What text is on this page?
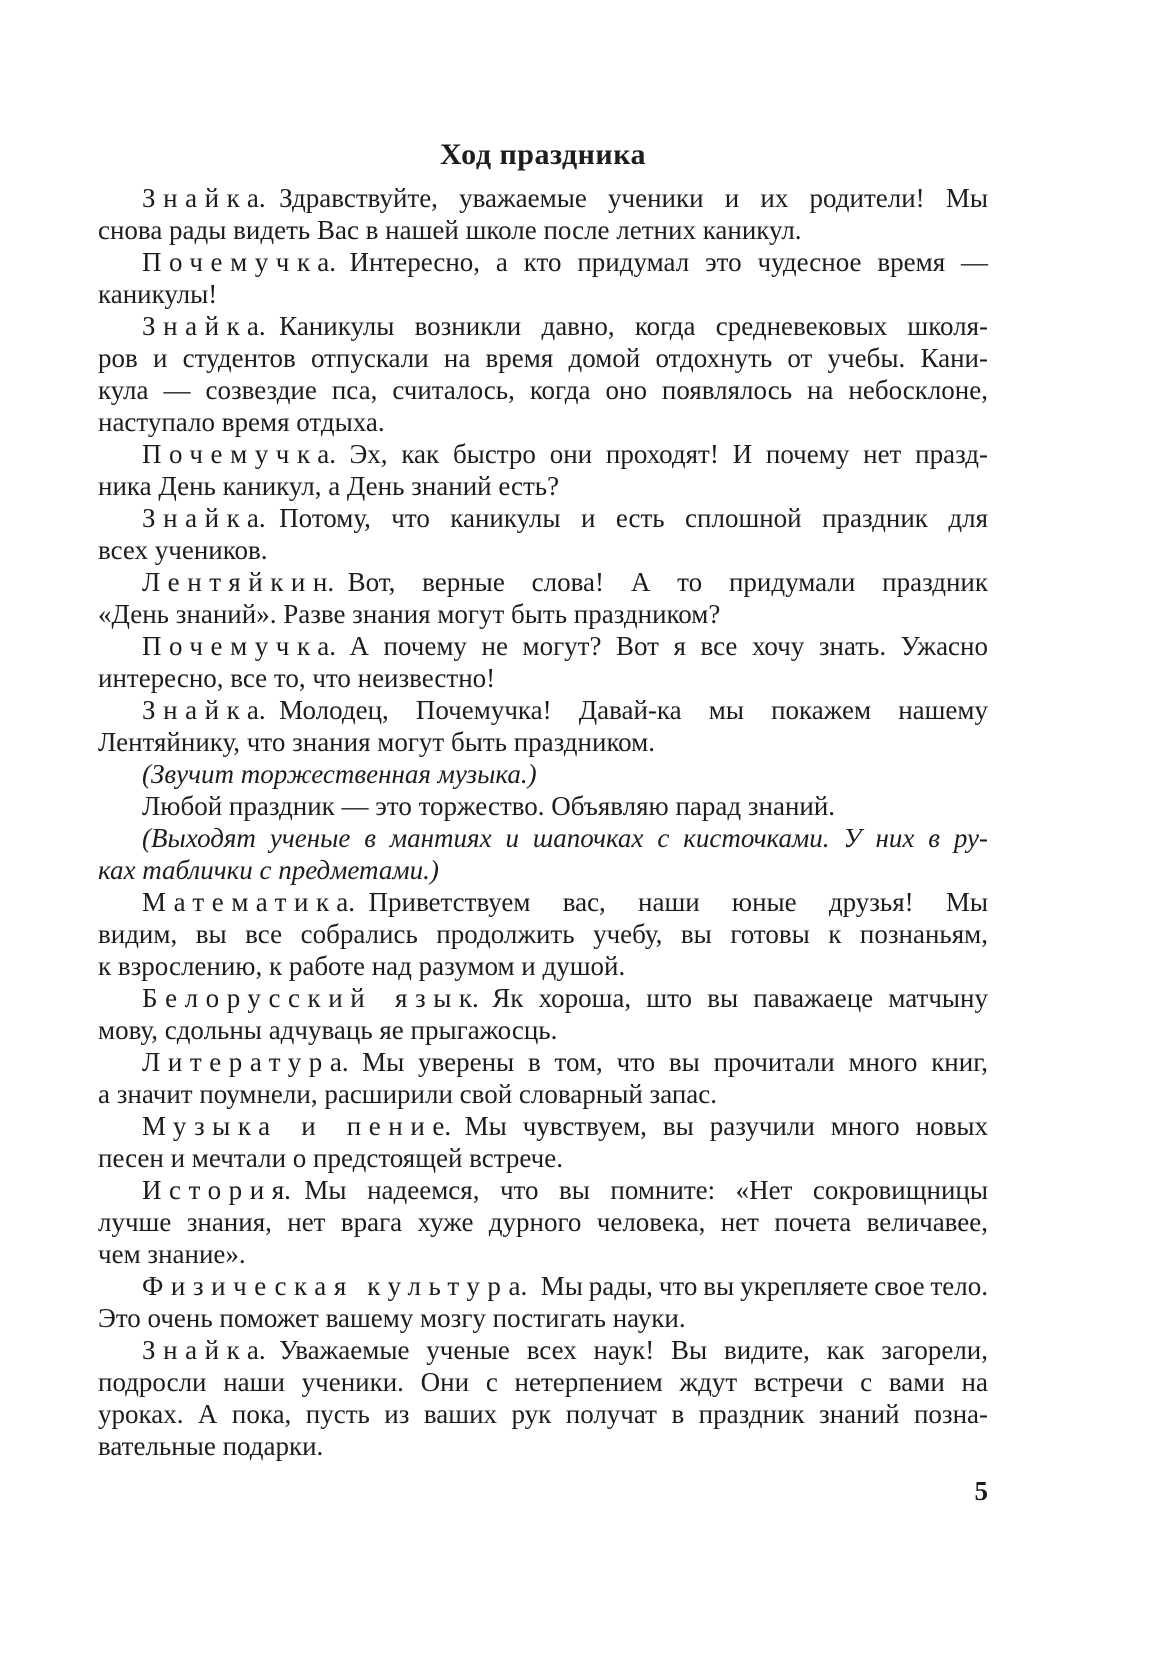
Ход праздника

Знайка. Здравствуйте, уважаемые ученики и их родители! Мы
снова рады видеть Вас в нашей школе после летних каникул.

Почемучка. Интересно, а кто придумал это чудесное время —
каникулы!

Знайка. Каникулы возникли давно, когда средневековых школя-
ров и студентов отпускали на время домой отдохнуть от учебы. Кани-
кула — созвездие пса, считалось, когда оно появлялось на небосклоне,
наступало время отдыха.

Почемучка. Эх, как быстро они проходят! И почему нет празд-
ника День каникул, а День знаний есть?

Знайка. Потому, что каникулы и есть сплошной праздник для
всех учеников.

Лентяйкин. Вот, верные слова! А то придумали праздник
«День знаний». Разве знания могут быть праздником?

Почемучка. А почему не могут? Вот я все хочу знать. Ужасно
интересно, все то, что неизвестно!

Знайка. Молодец, Почемучка! Давай-ка мы покажем нашему
Лентяйнику, что знания могут быть праздником.

(Звучит торжественная музыка.)

Любой праздник — это торжество. Объявляю парад знаний.

(Выходят ученые в мантиях и шапочках с кисточками. У них в ру-
ках таблички с предметами.)

Математика. Приветствуем вас, наши юные друзья! Мы
видим, вы все собрались продолжить учебу, вы готовы к познаньям,
к взрослению, к работе над разумом и душой.

Белорусский язык. Як хороша, што вы паважаеце матчыну
мову, сдольны адчуваць яе прыгажосць.

Литература. Мы уверены в том, что вы прочитали много книг,
а значит поумнели, расширили свой словарный запас.

Музыка и пение. Мы чувствуем, вы разучили много новых
песен и мечтали о предстоящей встрече.

История. Мы надеемся, что вы помните: «Нет сокровищницы
лучше знания, нет врага хуже дурного человека, нет почета величавее,
чем знание».

Физическая культура. Мы рады, что вы укрепляете свое тело.
Это очень поможет вашему мозгу постигать науки.

Знайка. Уважаемые ученые всех наук! Вы видите, как загорели,
подросли наши ученики. Они с нетерпением ждут встречи с вами на
уроках. А пока, пусть из ваших рук получат в праздник знаний позна-
вательные подарки.

5
